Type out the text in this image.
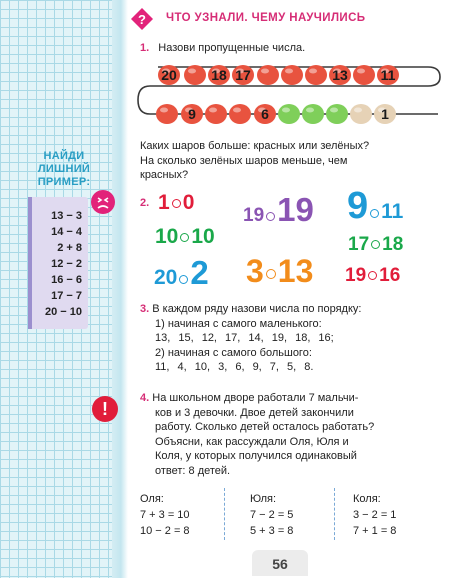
НАЙДИ
ЛИШНИЙ
ПРИМЕР:
13 − 3
14 − 4
2 + 8
12 − 2
16 − 6
17 − 7
20 − 10
!
? ЧТО УЗНАЛИ. ЧЕМУ НАУЧИЛИСЬ
1. Назови пропущенные числа.
20 18 17	13 11
9	6	1
Каких шаров больше: красных или зелёных?
На сколько зелёных шаров меньше, чем
красных?
2. 1 0
10 10
20 2
19 19
3 13
9 11
17 18
19 16
3. В каждом ряду назови числа по порядку:
1) начиная с самого маленького:
13, 15, 12, 17, 14, 19, 18, 16;
2) начиная с самого большого:
11, 4, 10, 3, 6, 9, 7, 5, 8.
4. На школьном дворе работали 7 мальчи-
ков и 3 девочки. Двое детей закончили
работу. Сколько детей осталось работать?
Объясни, как рассуждали Оля, Юля и
Коля, у которых получился одинаковый
ответ: 8 детей.
Оля:
7 + 3 = 10
10 − 2 = 8
Юля:
7 − 2 = 5
5 + 3 = 8
Коля:
3 − 2 = 1
7 + 1 = 8
56
